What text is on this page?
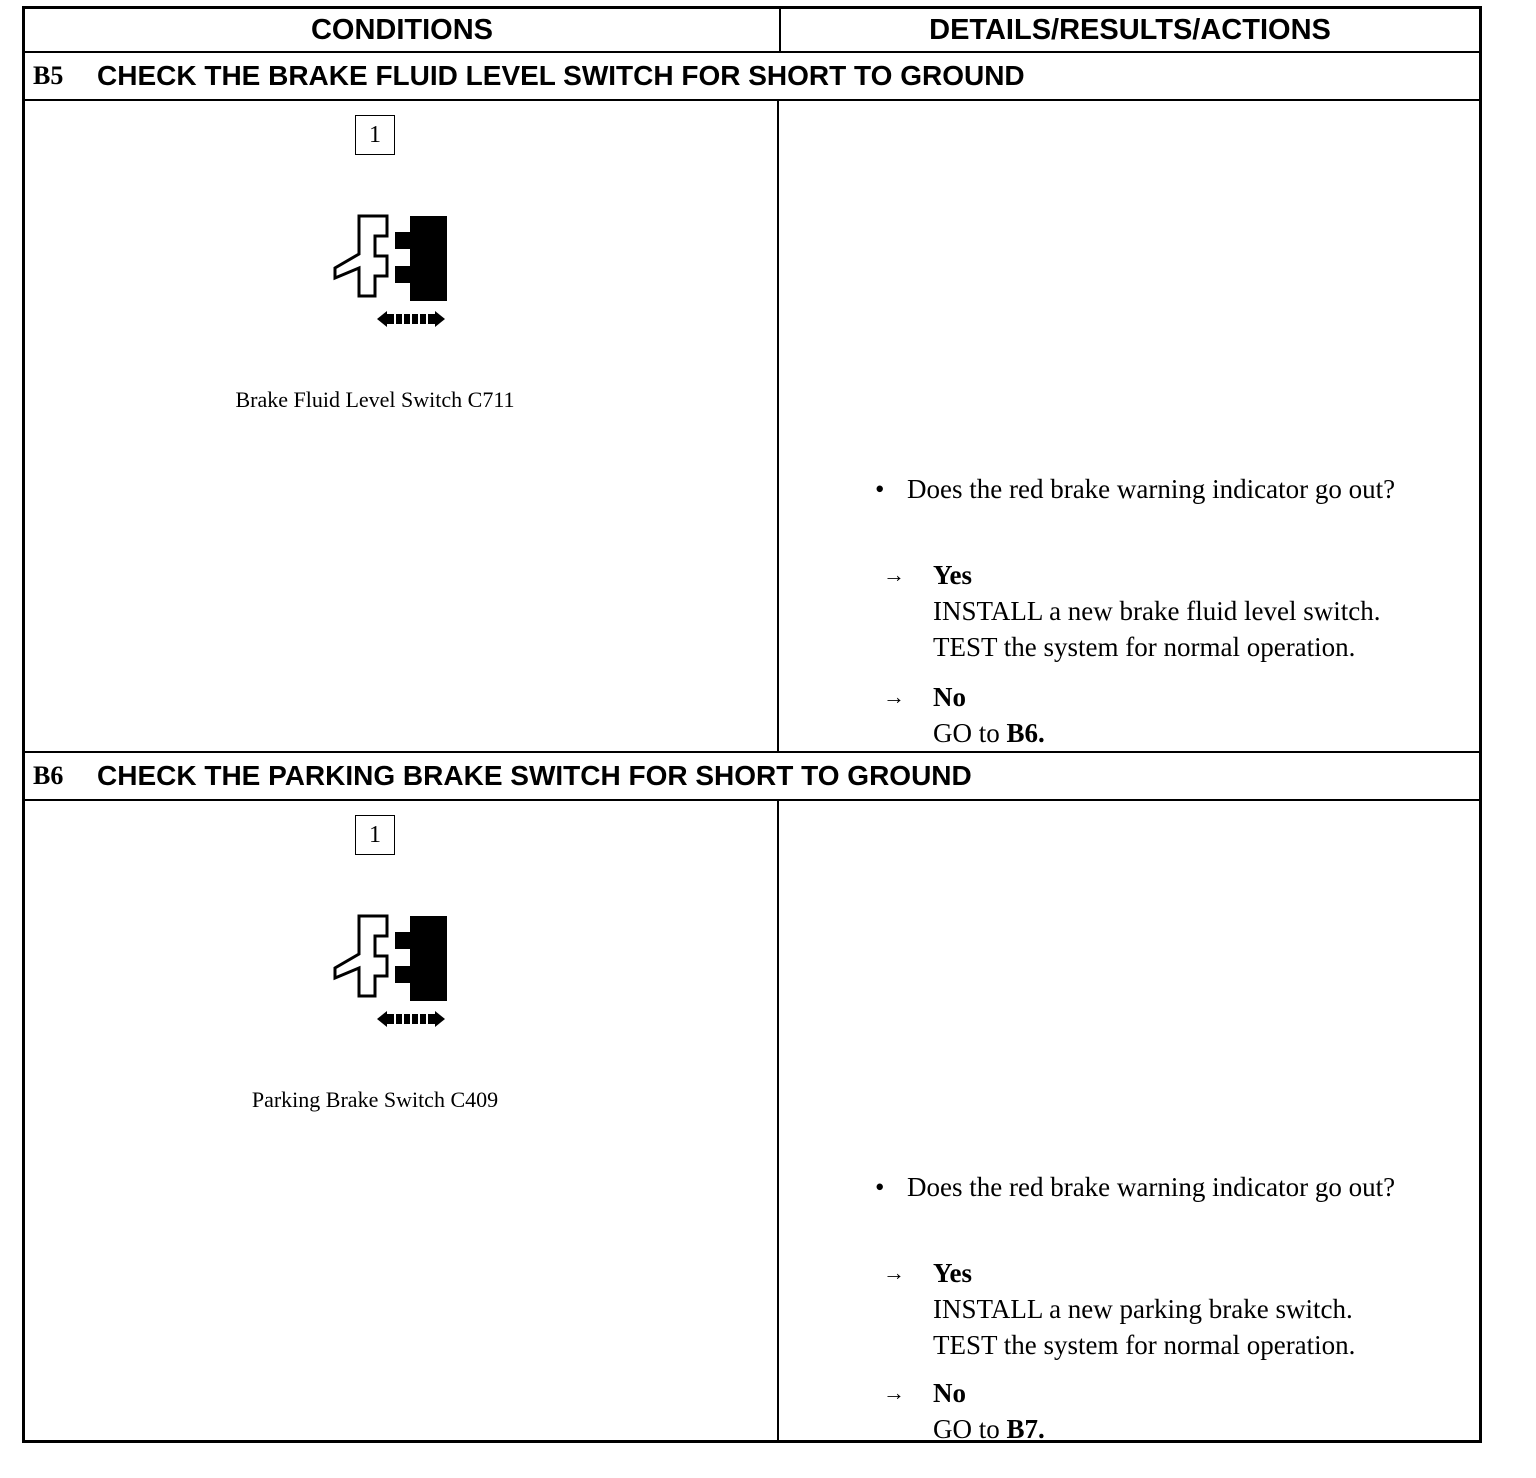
CONDITIONS	DETAILS/RESULTS/ACTIONS
B5	CHECK THE BRAKE FLUID LEVEL SWITCH FOR SHORT TO GROUND
1
Brake Fluid Level Switch C711
• Does the red brake warning indicator go out?
→	Yes
INSTALL a new brake fluid level switch.
TEST the system for normal operation.
→	No
GO to B6.
B6	CHECK THE PARKING BRAKE SWITCH FOR SHORT TO GROUND
1
Parking Brake Switch C409
• Does the red brake warning indicator go out?
→	Yes
INSTALL a new parking brake switch.
TEST the system for normal operation.
→	No
GO to B7.
